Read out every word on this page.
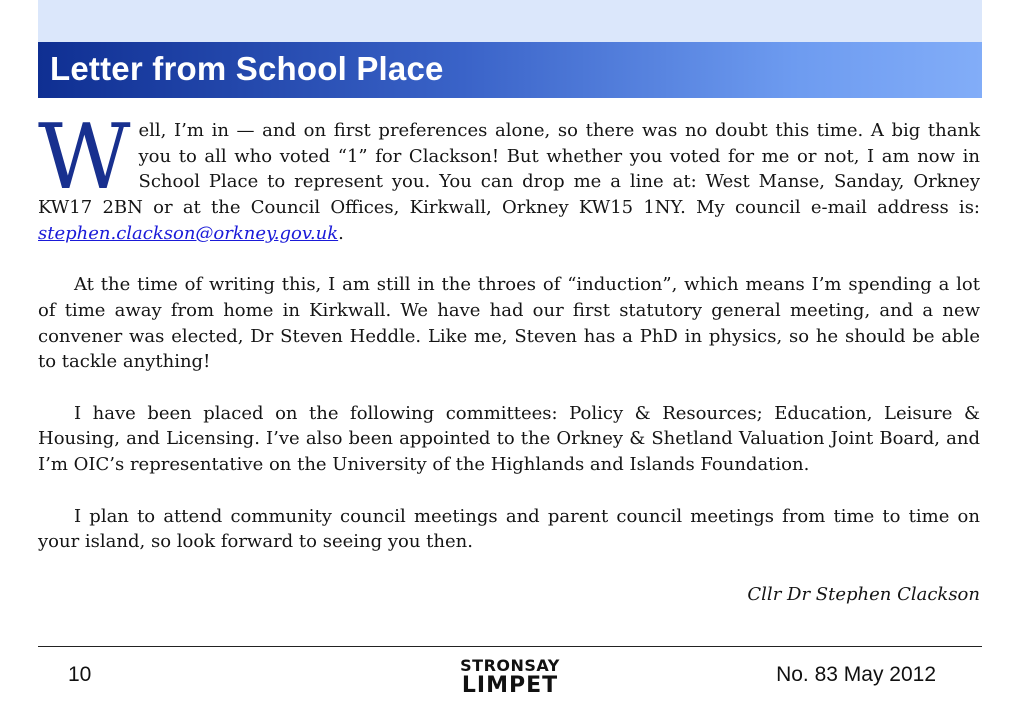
Letter from School Place

Well, I’m in — and on first preferences alone, so there was no doubt this time. A big thank you to all who voted “1” for Clackson! But whether you voted for me or not, I am now in School Place to represent you. You can drop me a line at: West Manse, Sanday, Orkney KW17 2BN or at the Council Offices, Kirkwall, Orkney KW15 1NY. My council e-mail address is: stephen.clackson@orkney.gov.uk.

At the time of writing this, I am still in the throes of “induction”, which means I’m spending a lot of time away from home in Kirkwall. We have had our first statutory general meeting, and a new convener was elected, Dr Steven Heddle. Like me, Steven has a PhD in physics, so he should be able to tackle anything!

I have been placed on the following committees: Policy & Resources; Education, Leisure & Housing, and Licensing. I’ve also been appointed to the Orkney & Shetland Valuation Joint Board, and I’m OIC’s representative on the University of the Highlands and Islands Foundation.

I plan to attend community council meetings and parent council meetings from time to time on your island, so look forward to seeing you then.

Cllr Dr Stephen Clackson
10	STRONSAY
LIMPET	No. 83 May 2012
